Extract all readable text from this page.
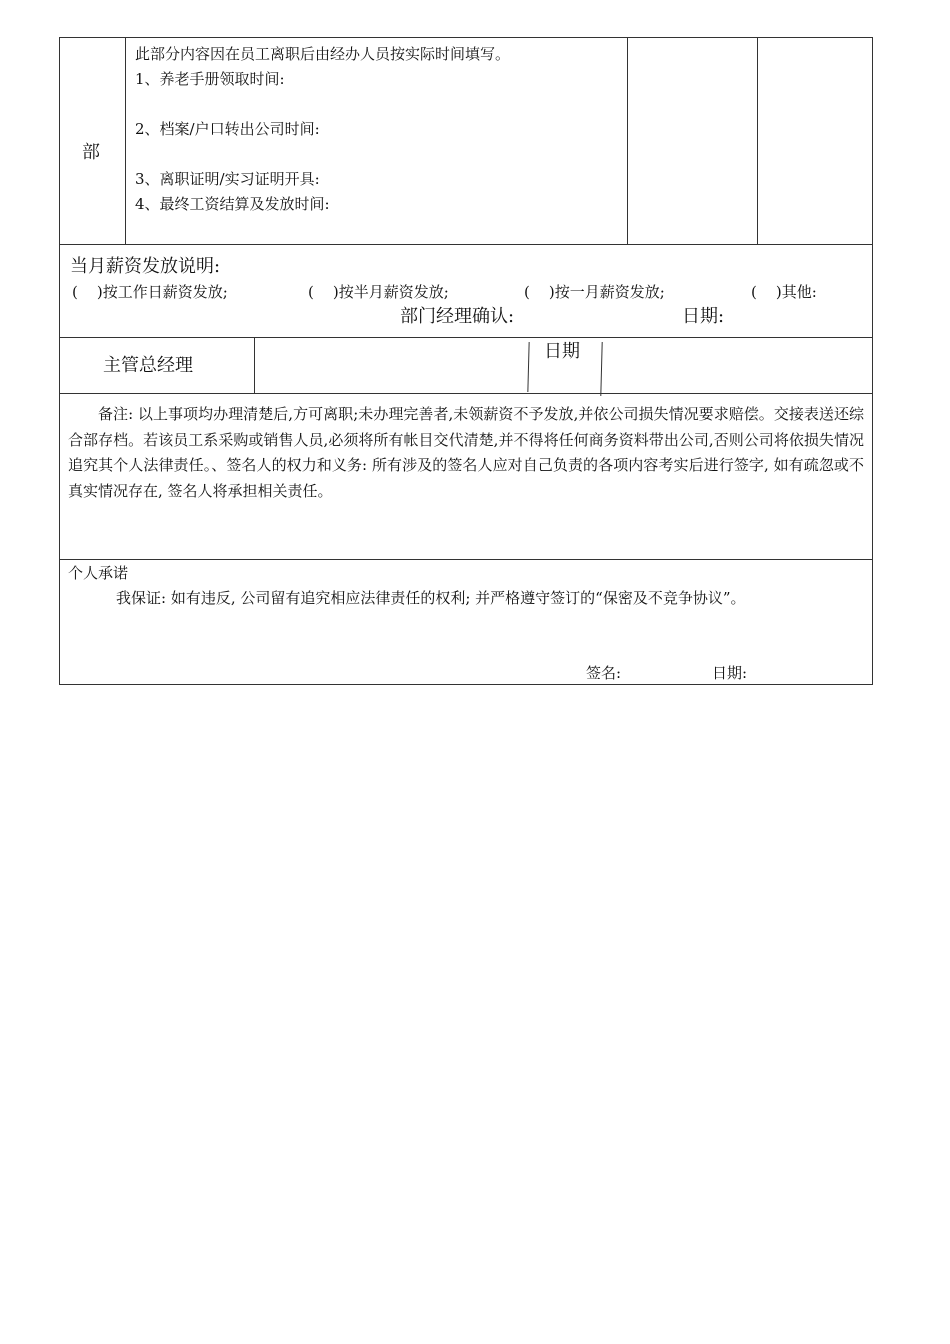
部
此部分内容因在员工离职后由经办人员按实际时间填写。
1、养老手册领取时间:
2、档案/户口转出公司时间:
3、离职证明/实习证明开具:
4、最终工资结算及发放时间:
当月薪资发放说明:
(    )按工作日薪资发放;	(    )按半月薪资发放;	(    )按一月薪资发放;	(    )其他:
部门经理确认:	日期:
主管总经理
日期
备注: 以上事项均办理清楚后,方可离职;未办理完善者,未领薪资不予发放,并依公司损失情况要求赔偿。交接表送还综合部存档。若该员工系采购或销售人员,必须将所有帐目交代清楚,并不得将任何商务资料带出公司,否则公司将依损失情况追究其个人法律责任。、签名人的权力和义务: 所有涉及的签名人应对自己负责的各项内容考实后进行签字, 如有疏忽或不真实情况存在, 签名人将承担相关责任。
个人承诺
我保证: 如有违反, 公司留有追究相应法律责任的权利; 并严格遵守签订的“保密及不竞争协议”。
签名:	日期:
